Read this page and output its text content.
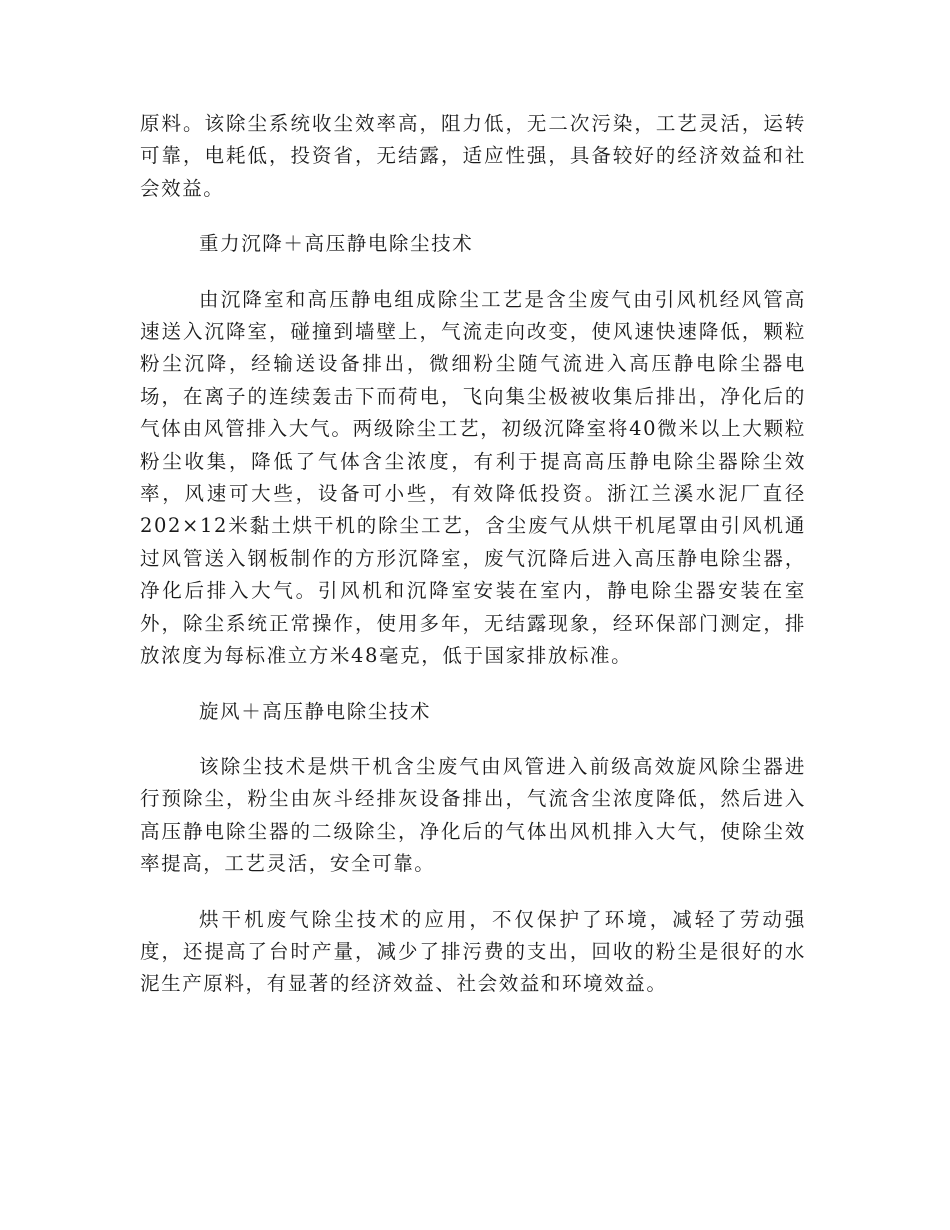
原料。该除尘系统收尘效率高，阻力低，无二次污染，工艺灵活，运转可靠，电耗低，投资省，无结露，适应性强，具备较好的经济效益和社会效益。

重力沉降＋高压静电除尘技术

由沉降室和高压静电组成除尘工艺是含尘废气由引风机经风管高速送入沉降室，碰撞到墙壁上，气流走向改变，使风速快速降低，颗粒粉尘沉降，经输送设备排出，微细粉尘随气流进入高压静电除尘器电场，在离子的连续轰击下而荷电，飞向集尘极被收集后排出，净化后的气体由风管排入大气。两级除尘工艺，初级沉降室将40微米以上大颗粒粉尘收集，降低了气体含尘浓度，有利于提高高压静电除尘器除尘效率，风速可大些，设备可小些，有效降低投资。浙江兰溪水泥厂直径202×12米黏土烘干机的除尘工艺，含尘废气从烘干机尾罩由引风机通过风管送入钢板制作的方形沉降室，废气沉降后进入高压静电除尘器，净化后排入大气。引风机和沉降室安装在室内，静电除尘器安装在室外，除尘系统正常操作，使用多年，无结露现象，经环保部门测定，排放浓度为每标准立方米48毫克，低于国家排放标准。

旋风＋高压静电除尘技术

该除尘技术是烘干机含尘废气由风管进入前级高效旋风除尘器进行预除尘，粉尘由灰斗经排灰设备排出，气流含尘浓度降低，然后进入高压静电除尘器的二级除尘，净化后的气体出风机排入大气，使除尘效率提高，工艺灵活，安全可靠。

烘干机废气除尘技术的应用，不仅保护了环境，减轻了劳动强度，还提高了台时产量，减少了排污费的支出，回收的粉尘是很好的水泥生产原料，有显著的经济效益、社会效益和环境效益。
